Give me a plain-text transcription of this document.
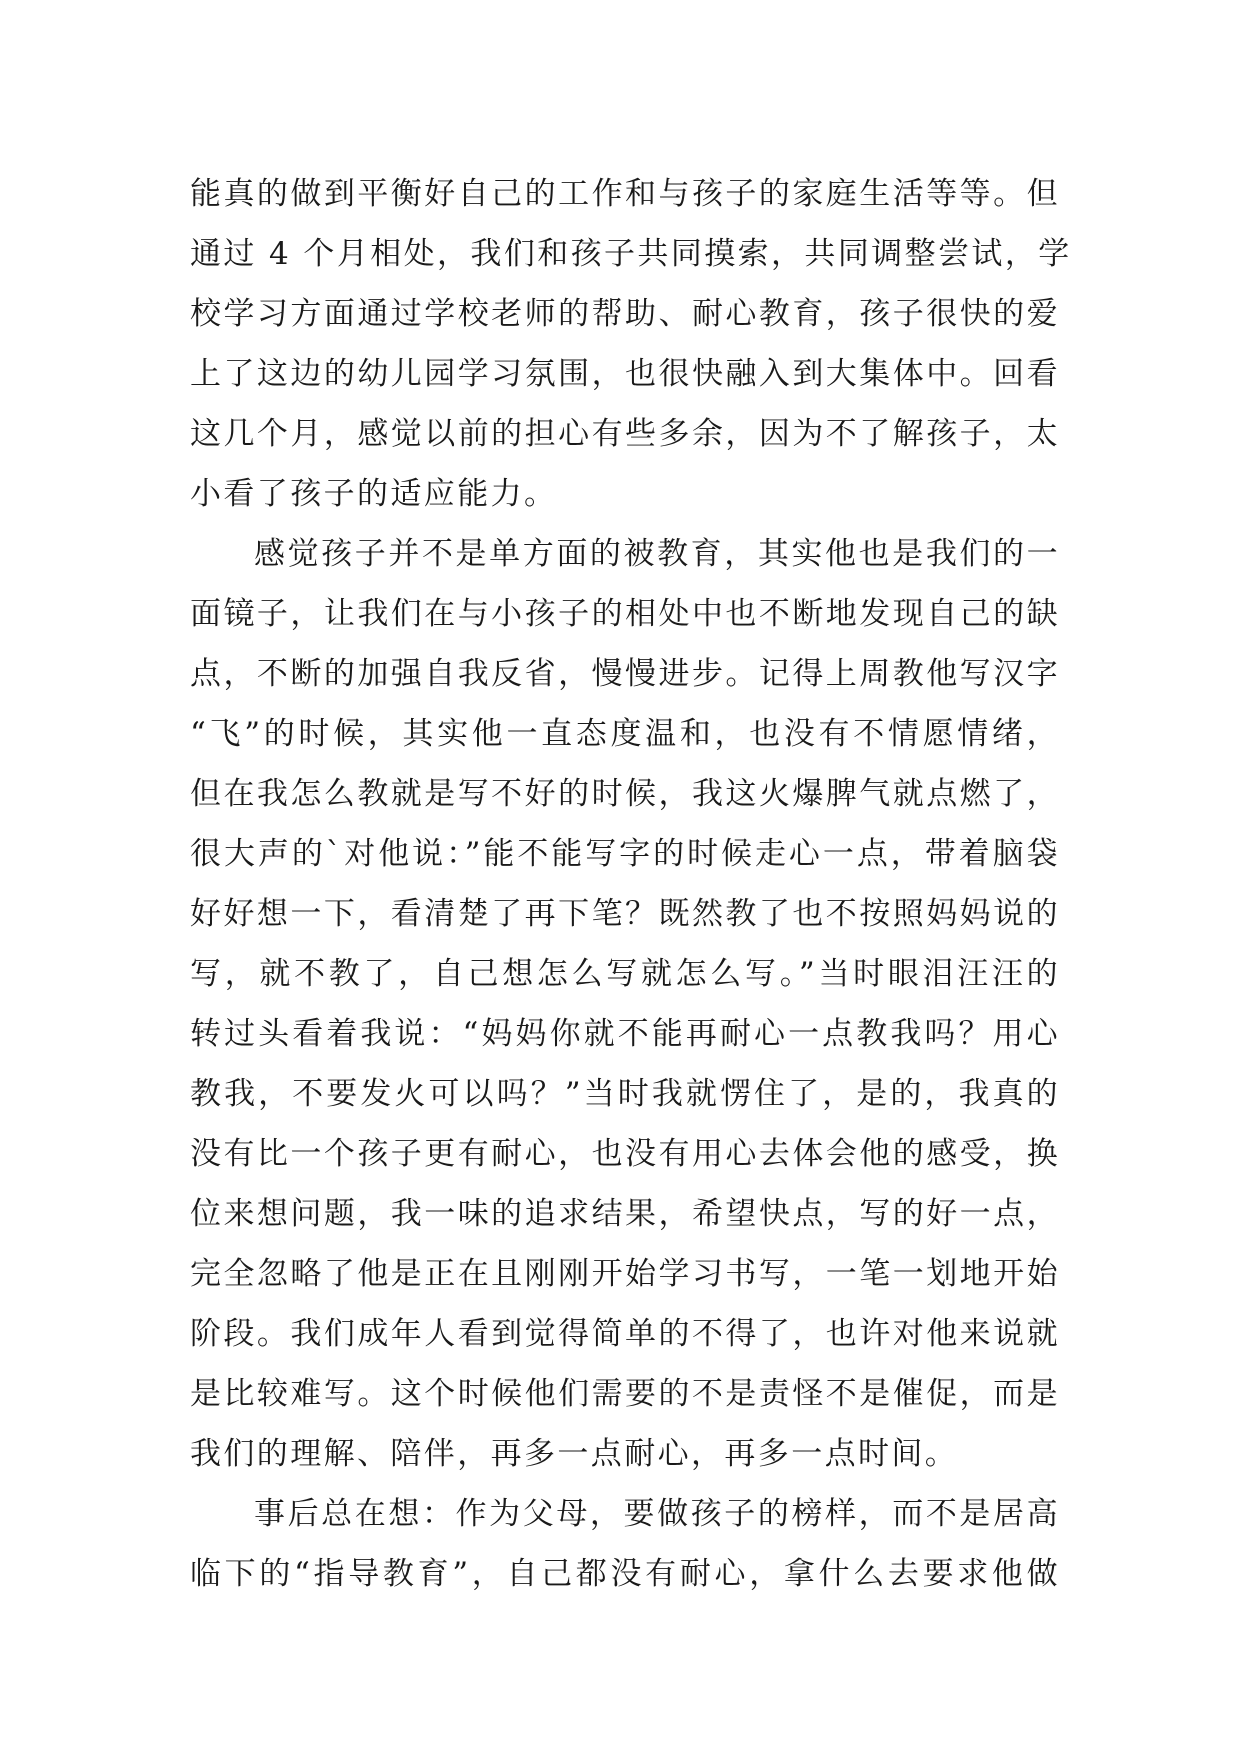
能真的做到平衡好自己的工作和与孩子的家庭生活等等。但
通过 4 个月相处，我们和孩子共同摸索，共同调整尝试，学
校学习方面通过学校老师的帮助、耐心教育，孩子很快的爱
上了这边的幼儿园学习氛围，也很快融入到大集体中。回看
这几个月，感觉以前的担心有些多余，因为不了解孩子，太
小看了孩子的适应能力。
感觉孩子并不是单方面的被教育，其实他也是我们的一
面镜子，让我们在与小孩子的相处中也不断地发现自己的缺
点，不断的加强自我反省，慢慢进步。记得上周教他写汉字
“飞”的时候，其实他一直态度温和，也没有不情愿情绪，
但在我怎么教就是写不好的时候，我这火爆脾气就点燃了，
很大声的`对他说：”能不能写字的时候走心一点，带着脑袋
好好想一下，看清楚了再下笔？既然教了也不按照妈妈说的
写，就不教了，自己想怎么写就怎么写。”当时眼泪汪汪的
转过头看着我说：“妈妈你就不能再耐心一点教我吗？用心
教我，不要发火可以吗？”当时我就愣住了，是的，我真的
没有比一个孩子更有耐心，也没有用心去体会他的感受，换
位来想问题，我一味的追求结果，希望快点，写的好一点，
完全忽略了他是正在且刚刚开始学习书写，一笔一划地开始
阶段。我们成年人看到觉得简单的不得了，也许对他来说就
是比较难写。这个时候他们需要的不是责怪不是催促，而是
我们的理解、陪伴，再多一点耐心，再多一点时间。
事后总在想：作为父母，要做孩子的榜样，而不是居高
临下的“指导教育”，自己都没有耐心，拿什么去要求他做
